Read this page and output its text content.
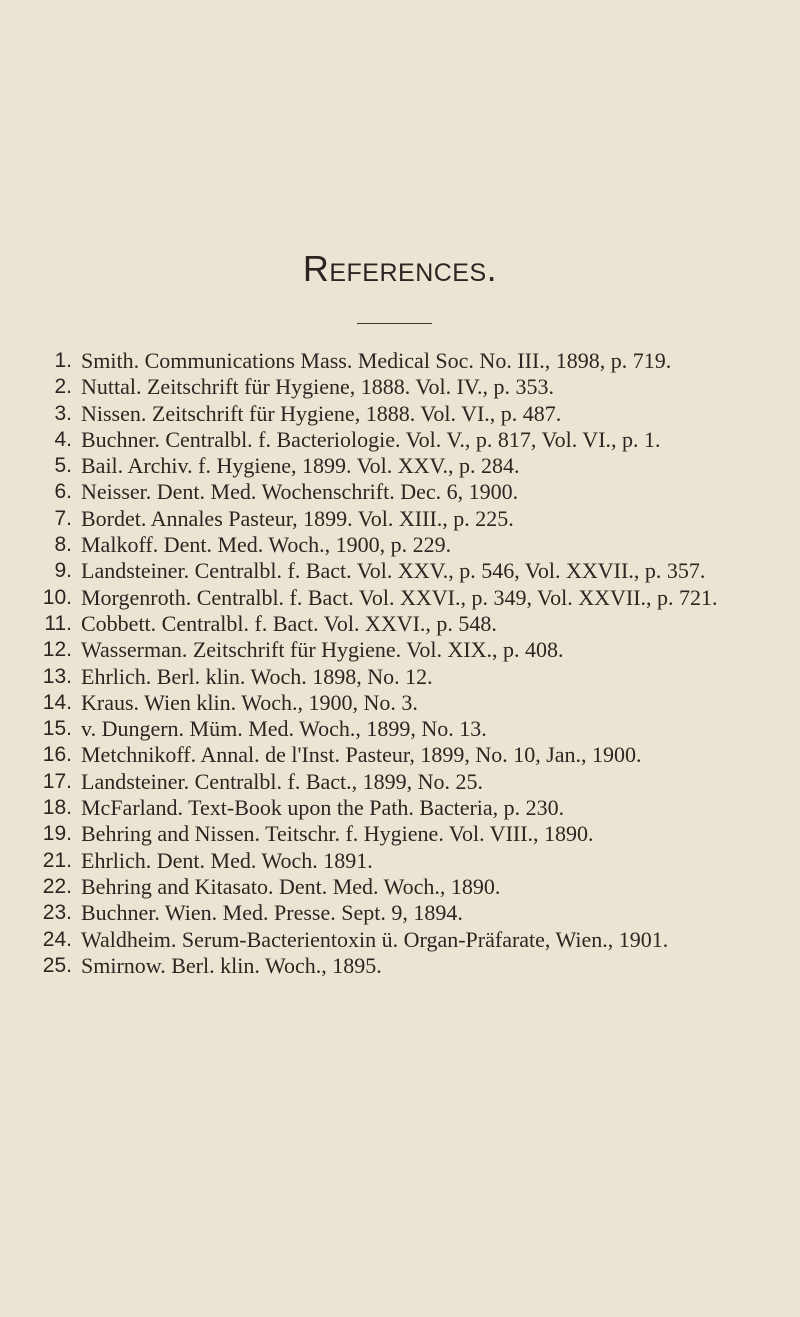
References.
1. Smith. Communications Mass. Medical Soc. No. III., 1898, p. 719.
2. Nuttal. Zeitschrift für Hygiene, 1888. Vol. IV., p. 353.
3. Nissen. Zeitschrift für Hygiene, 1888. Vol. VI., p. 487.
4. Buchner. Centralbl. f. Bacteriologie. Vol. V., p. 817, Vol. VI., p. 1.
5. Bail. Archiv. f. Hygiene, 1899. Vol. XXV., p. 284.
6. Neisser. Dent. Med. Wochenschrift. Dec. 6, 1900.
7. Bordet. Annales Pasteur, 1899. Vol. XIII., p. 225.
8. Malkoff. Dent. Med. Woch., 1900, p. 229.
9. Landsteiner. Centralbl. f. Bact. Vol. XXV., p. 546, Vol. XXVII., p. 357.
10. Morgenroth. Centralbl. f. Bact. Vol. XXVI., p. 349, Vol. XXVII., p. 721.
11. Cobbett. Centralbl. f. Bact. Vol. XXVI., p. 548.
12. Wasserman. Zeitschrift für Hygiene. Vol. XIX., p. 408.
13. Ehrlich. Berl. klin. Woch. 1898, No. 12.
14. Kraus. Wien klin. Woch., 1900, No. 3.
15. v. Dungern. Müm. Med. Woch., 1899, No. 13.
16. Metchnikoff. Annal. de l'Inst. Pasteur, 1899, No. 10, Jan., 1900.
17. Landsteiner. Centralbl. f. Bact., 1899, No. 25.
18. McFarland. Text-Book upon the Path. Bacteria, p. 230.
19. Behring and Nissen. Teitschr. f. Hygiene. Vol. VIII., 1890.
21. Ehrlich. Dent. Med. Woch. 1891.
22. Behring and Kitasato. Dent. Med. Woch., 1890.
23. Buchner. Wien. Med. Presse. Sept. 9, 1894.
24. Waldheim. Serum-Bacterientoxin ü. Organ-Präfarate, Wien., 1901.
25. Smirnow. Berl. klin. Woch., 1895.
